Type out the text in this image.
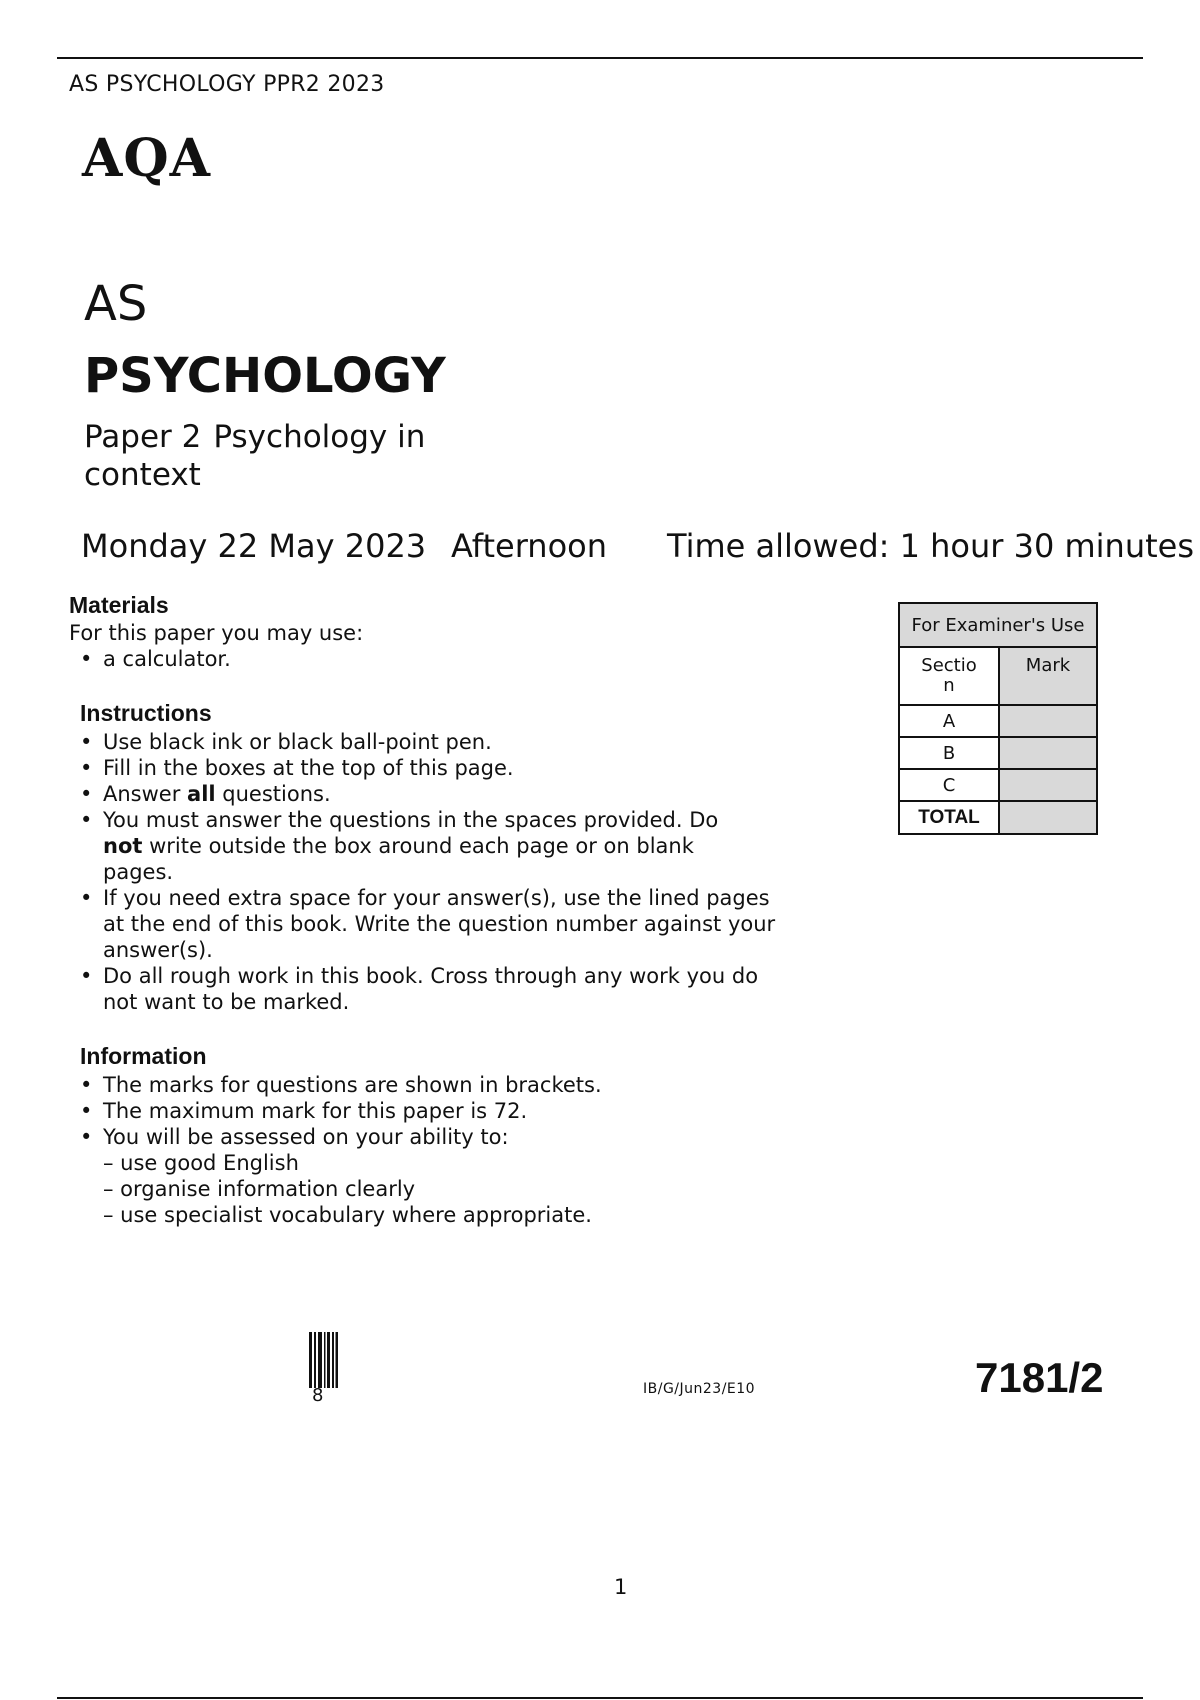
AS PSYCHOLOGY PPR2 2023
AQA
AS
PSYCHOLOGY
Paper 2 Psychology in
context
Monday 22 May 2023 Afternoon Time allowed: 1 hour 30 minutes
Materials
For this paper you may use:
• a calculator.
Instructions
• Use black ink or black ball-point pen.
• Fill in the boxes at the top of this page.
• Answer all questions.
• You must answer the questions in the spaces provided. Do
not write outside the box around each page or on blank
pages.
• If you need extra space for your answer(s), use the lined pages
at the end of this book. Write the question number against your
answer(s).
• Do all rough work in this book. Cross through any work you do
not want to be marked.
Information
• The marks for questions are shown in brackets.
• The maximum mark for this paper is 72.
• You will be assessed on your ability to:
– use good English
– organise information clearly
– use specialist vocabulary where appropriate.
For Examiner's Use	
Sectio
n	Mark
A	
B	
C	
TOTAL	
8	IB/G/Jun23/E10	7181/2
1
